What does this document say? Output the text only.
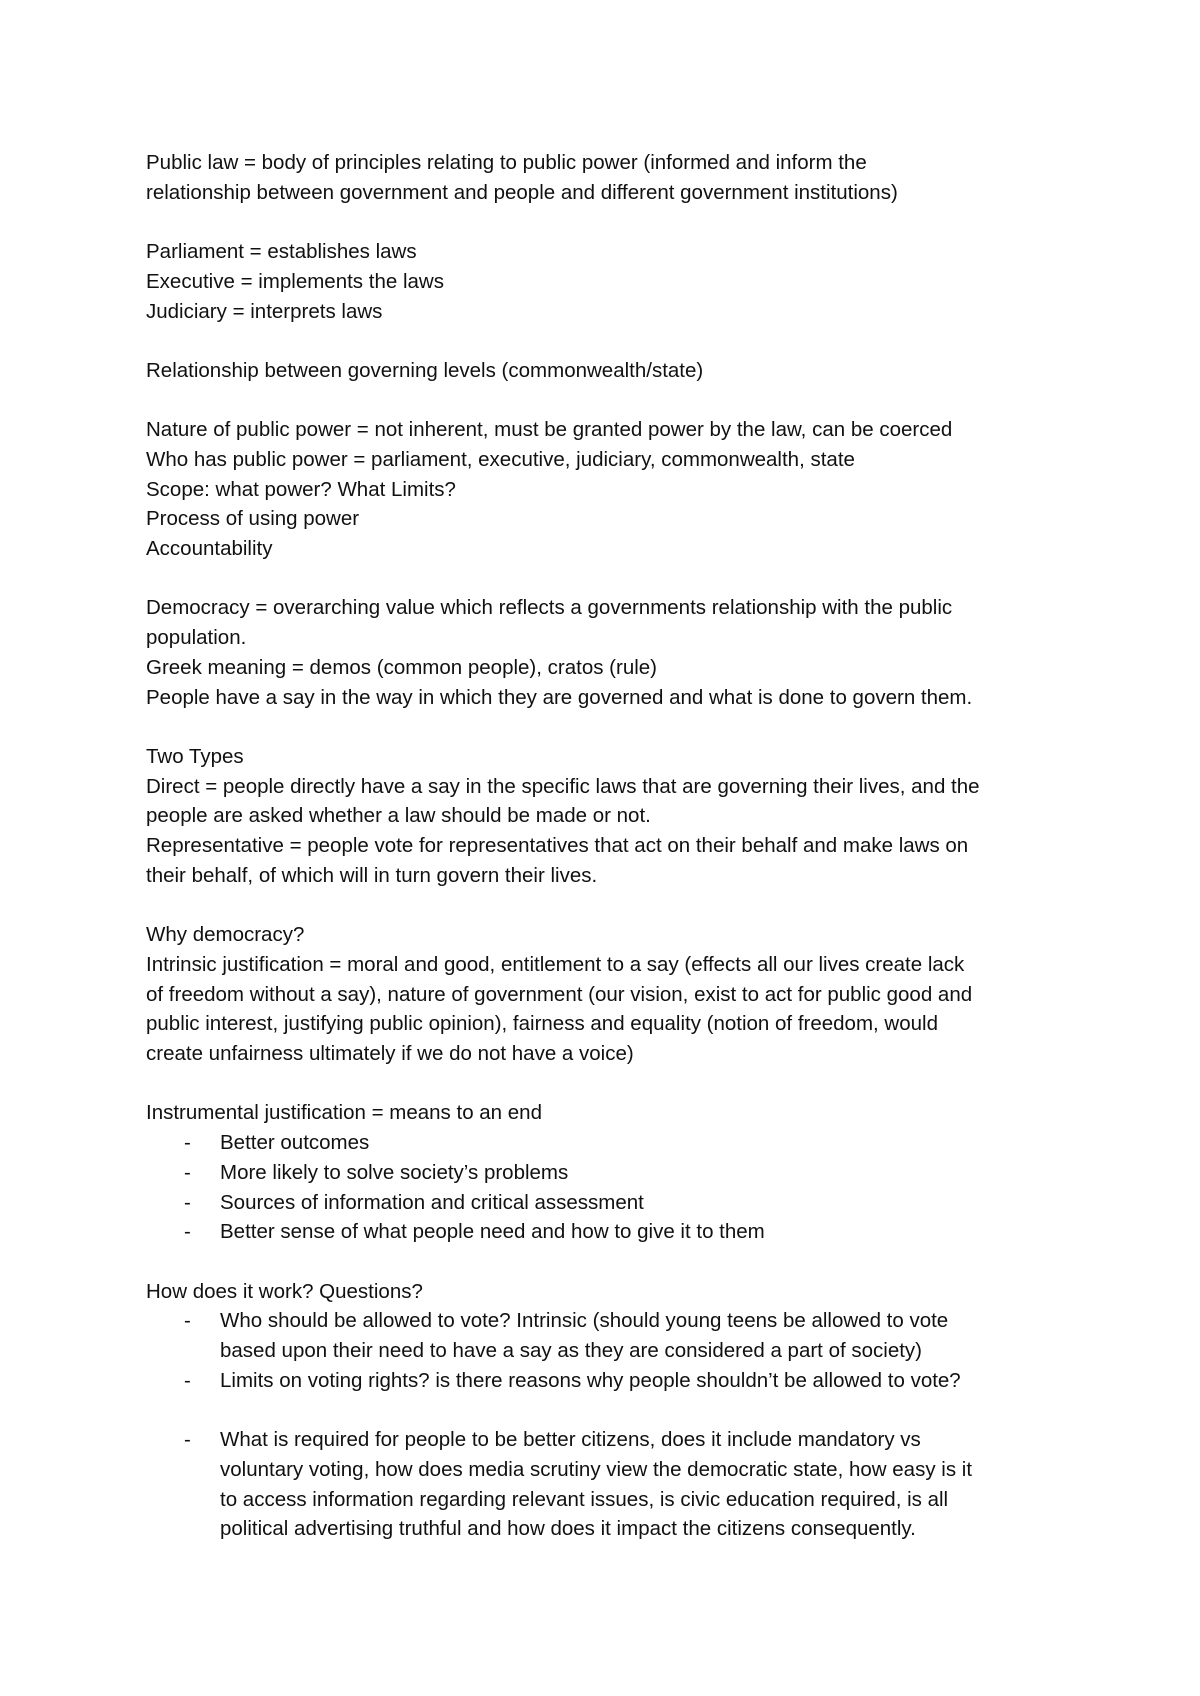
Public law = body of principles relating to public power (informed and inform the
relationship between government and people and different government institutions)
Parliament = establishes laws
Executive = implements the laws
Judiciary = interprets laws
Relationship between governing levels (commonwealth/state)
Nature of public power = not inherent, must be granted power by the law, can be coerced
Who has public power = parliament, executive, judiciary, commonwealth, state
Scope: what power? What Limits?
Process of using power
Accountability
Democracy = overarching value which reflects a governments relationship with the public
population.
Greek meaning = demos (common people), cratos (rule)
People have a say in the way in which they are governed and what is done to govern them.
Two Types
Direct = people directly have a say in the specific laws that are governing their lives, and the
people are asked whether a law should be made or not.
Representative = people vote for representatives that act on their behalf and make laws on
their behalf, of which will in turn govern their lives.
Why democracy?
Intrinsic justification = moral and good, entitlement to a say (effects all our lives create lack
of freedom without a say), nature of government (our vision, exist to act for public good and
public interest, justifying public opinion), fairness and equality (notion of freedom, would
create unfairness ultimately if we do not have a voice)
Instrumental justification = means to an end
- Better outcomes
- More likely to solve society’s problems
- Sources of information and critical assessment
- Better sense of what people need and how to give it to them
How does it work? Questions?
- Who should be allowed to vote? Intrinsic (should young teens be allowed to vote
based upon their need to have a say as they are considered a part of society)
- Limits on voting rights? is there reasons why people shouldn’t be allowed to vote?
- What is required for people to be better citizens, does it include mandatory vs
voluntary voting, how does media scrutiny view the democratic state, how easy is it
to access information regarding relevant issues, is civic education required, is all
political advertising truthful and how does it impact the citizens consequently.
